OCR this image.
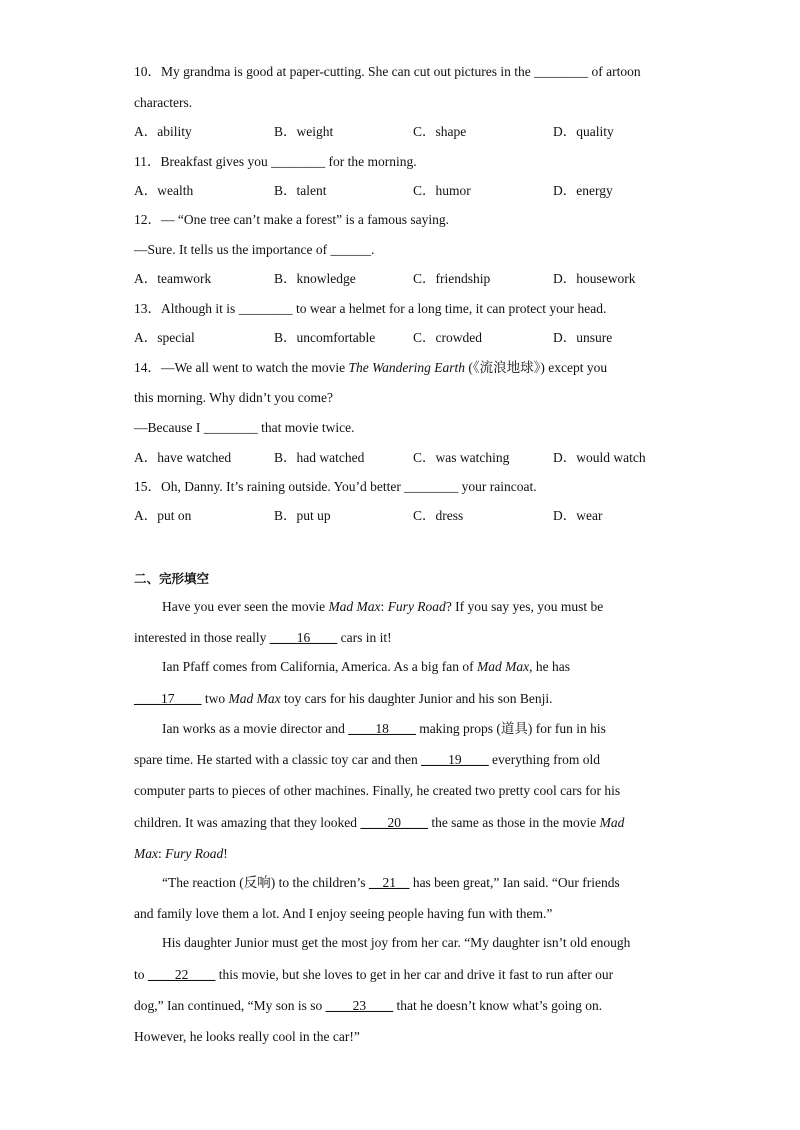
10．My grandma is good at paper-cutting. She can cut out pictures in the ________ of artoon
characters.
A．ability	B．weight	C．shape	D．quality
11．Breakfast gives you ________ for the morning.
A．wealth	B．talent	C．humor	D．energy
12．— “One tree can’t make a forest” is a famous saying.
—Sure. It tells us the importance of ______.
A．teamwork	B．knowledge	C．friendship	D．housework
13．Although it is ________ to wear a helmet for a long time, it can protect your head.
A．special	B．uncomfortable	C．crowded	D．unsure
14．—We all went to watch the movie The Wandering Earth (《流浪地球》) except you
this morning. Why didn’t you come?
—Because I ________ that movie twice.
A．have watched	B．had watched	C．was watching	D．would watch
15．Oh, Danny. It’s raining outside. You’d better ________ your raincoat.
A．put on	B．put up	C．dress	D．wear
二、完形填空
Have you ever seen the movie Mad Max: Fury Road? If you say yes, you must be
interested in those really ____16____ cars in it!
Ian Pfaff comes from California, America. As a big fan of Mad Max, he has
____17____ two Mad Max toy cars for his daughter Junior and his son Benji.
Ian works as a movie director and ____18____ making props (道具) for fun in his
spare time. He started with a classic toy car and then ____19____ everything from old
computer parts to pieces of other machines. Finally, he created two pretty cool cars for his
children. It was amazing that they looked ____20____ the same as those in the movie Mad
Max: Fury Road!
“The reaction (反响) to the children’s __21__ has been great,” Ian said. “Our friends
and family love them a lot. And I enjoy seeing people having fun with them.”
His daughter Junior must get the most joy from her car. “My daughter isn’t old enough
to ____22____ this movie, but she loves to get in her car and drive it fast to run after our
dog,” Ian continued, “My son is so ____23____ that he doesn’t know what’s going on.
However, he looks really cool in the car!”
